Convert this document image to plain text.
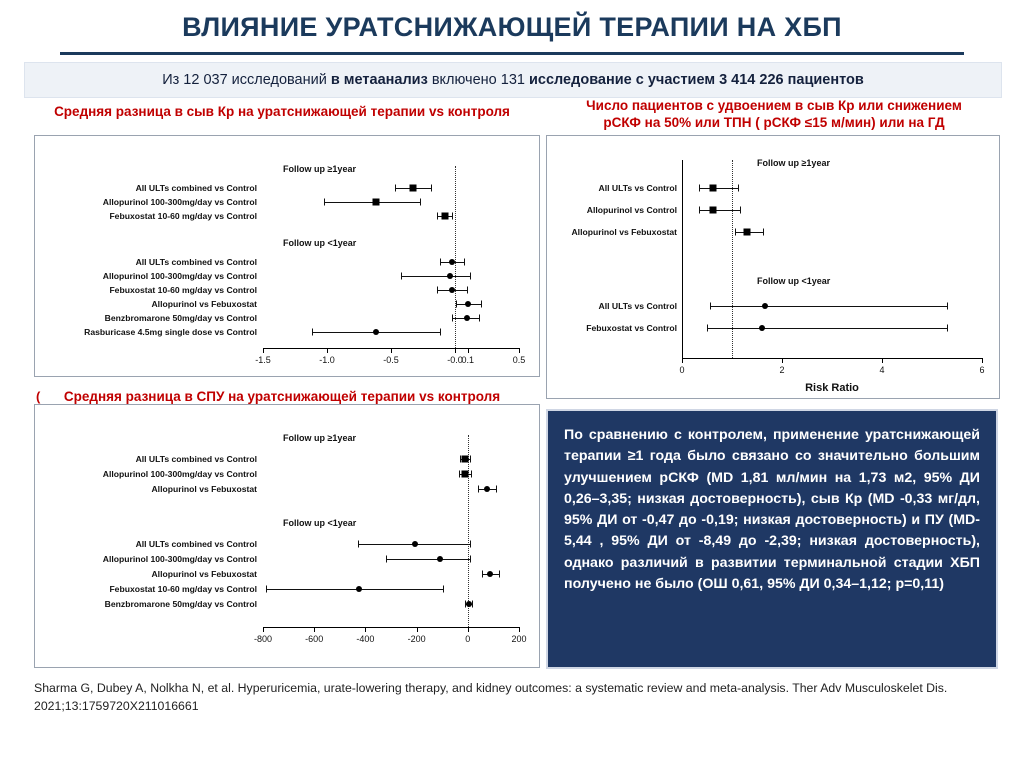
ВЛИЯНИЕ УРАТСНИЖАЮЩЕЙ ТЕРАПИИ НА ХБП
Из 12 037 исследований в метаанализ включено 131 исследование с участием 3 414 226 пациентов
Средняя разница в сыв Кр на уратснижающей терапии vs контроля
Follow up ≥1year
Follow up <1year
All ULTs combined vs Control
Allopurinol 100-300mg/day vs Control
Febuxostat 10-60 mg/day vs Control
All ULTs combined vs Control
Allopurinol 100-300mg/day vs Control
Febuxostat 10-60 mg/day vs Control
Allopurinol vs Febuxostat
Benzbromarone 50mg/day vs Control
Rasburicase 4.5mg single dose vs Control
-1.5	-1.0	-0.5	-0.0
0.1	0.5
Число пациентов с удвоением в сыв Кр или снижением
рСКФ на 50% или ТПН ( рСКФ ≤15 м/мин) или на ГД
Follow up ≥1year
Follow up <1year
All ULTs vs Control
Allopurinol vs Control
Allopurinol vs Febuxostat
All ULTs vs Control
Febuxostat vs Control
0	2	4	6
Risk Ratio
Средняя разница в СПУ на уратснижающей терапии vs контроля
(
Follow up ≥1year
Follow up <1year
All ULTs combined vs Control
Allopurinol 100-300mg/day vs Control
Allopurinol vs Febuxostat
All ULTs combined vs Control
Allopurinol 100-300mg/day vs Control
Allopurinol vs Febuxostat
Febuxostat 10-60 mg/day vs Control
Benzbromarone 50mg/day vs Control
-800	-600	-400	-200	0	200
По сравнению с контролем, применение уратснижающей терапии ≥1 года было связано со значительно большим улучшением рСКФ (MD 1,81 мл/мин на 1,73 м2, 95% ДИ 0,26–3,35; низкая достоверность), сыв Кр (MD -0,33 мг/дл, 95% ДИ от -0,47 до -0,19; низкая достоверность) и ПУ (MD-5,44 , 95% ДИ от -8,49 до -2,39; низкая достоверность), однако различий в развитии терминальной стадии ХБП получено не было (ОШ 0,61, 95% ДИ 0,34–1,12; p=0,11)
Sharma G, Dubey A, Nolkha N, et al. Hyperuricemia, urate-lowering therapy, and kidney outcomes: a systematic review and meta-analysis. Ther Adv Musculoskelet Dis. 2021;13:1759720X211016661
